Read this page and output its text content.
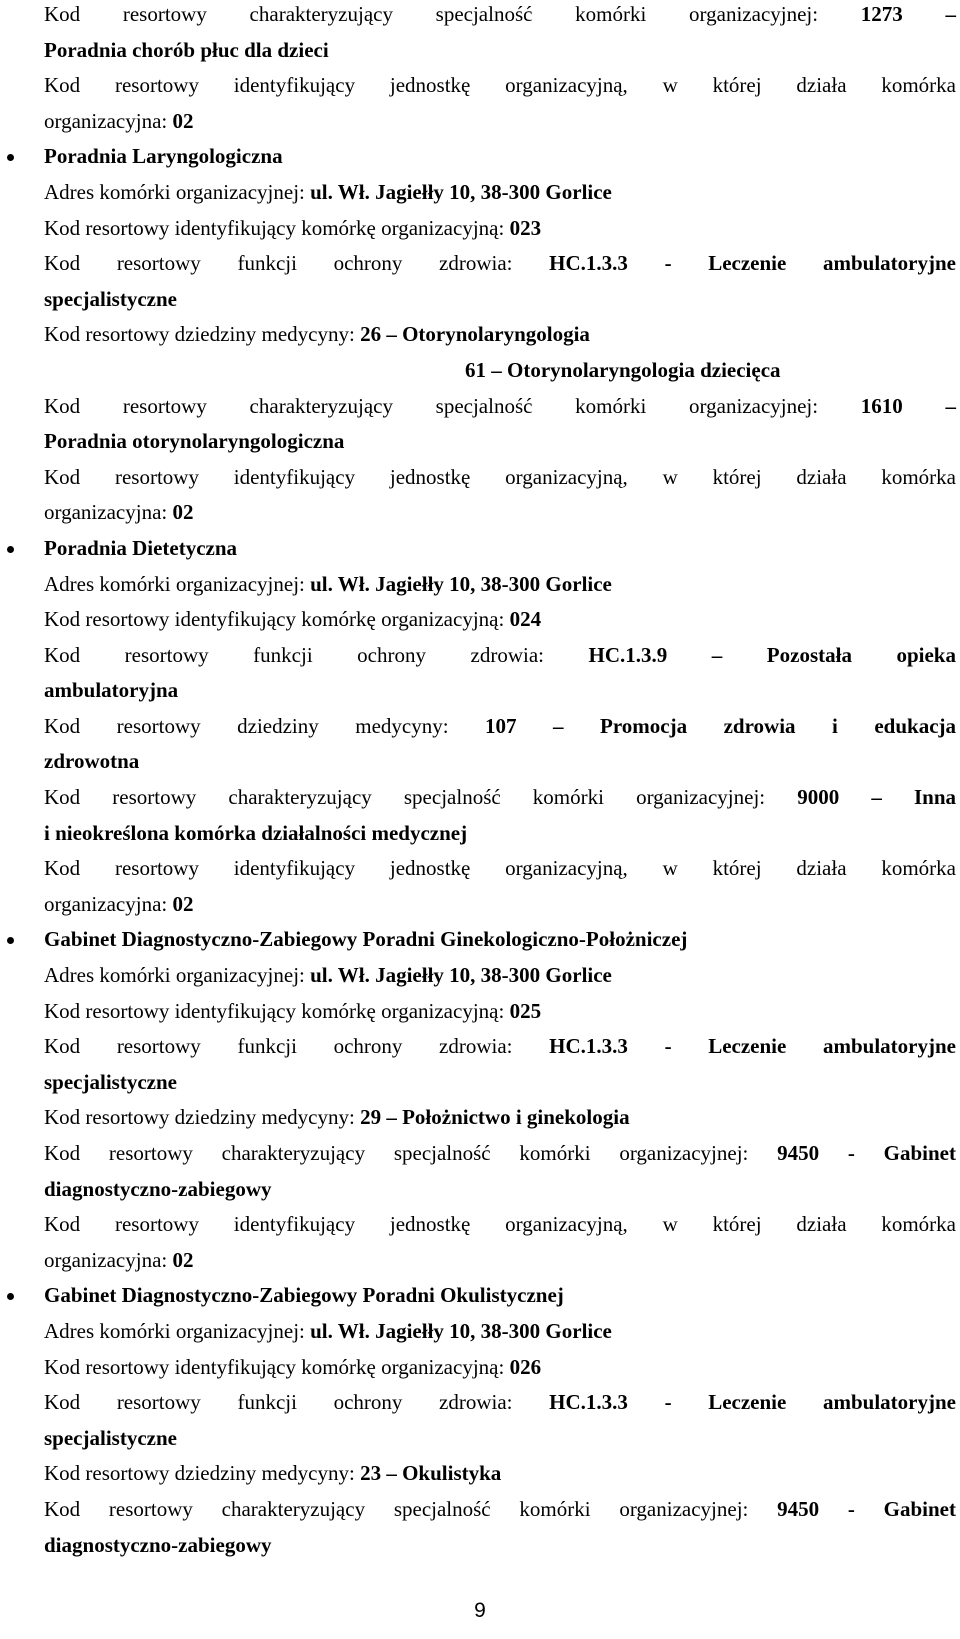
Kod resortowy charakteryzujący specjalność komórki organizacyjnej: 1273 –
Poradnia chorób płuc dla dzieci
Kod resortowy identyfikujący jednostkę organizacyjną, w której działa komórka
organizacyjna: 02
Poradnia Laryngologiczna
Adres komórki organizacyjnej: ul. Wł. Jagiełły 10, 38-300 Gorlice
Kod resortowy identyfikujący komórkę organizacyjną: 023
Kod resortowy funkcji ochrony zdrowia: HC.1.3.3 - Leczenie ambulatoryjne
specjalistyczne
Kod resortowy dziedziny medycyny: 26 – Otorynolaryngologia
61 – Otorynolaryngologia dziecięca
Kod resortowy charakteryzujący specjalność komórki organizacyjnej: 1610 –
Poradnia otorynolaryngologiczna
Kod resortowy identyfikujący jednostkę organizacyjną, w której działa komórka
organizacyjna: 02
Poradnia Dietetyczna
Adres komórki organizacyjnej: ul. Wł. Jagiełły 10, 38-300 Gorlice
Kod resortowy identyfikujący komórkę organizacyjną: 024
Kod resortowy funkcji ochrony zdrowia: HC.1.3.9 – Pozostała opieka
ambulatoryjna
Kod resortowy dziedziny medycyny: 107 – Promocja zdrowia i edukacja
zdrowotna
Kod resortowy charakteryzujący specjalność komórki organizacyjnej: 9000 – Inna
i nieokreślona komórka działalności medycznej
Kod resortowy identyfikujący jednostkę organizacyjną, w której działa komórka
organizacyjna: 02
Gabinet Diagnostyczno-Zabiegowy Poradni Ginekologiczno-Położniczej
Adres komórki organizacyjnej: ul. Wł. Jagiełły 10, 38-300 Gorlice
Kod resortowy identyfikujący komórkę organizacyjną: 025
Kod resortowy funkcji ochrony zdrowia: HC.1.3.3 - Leczenie ambulatoryjne
specjalistyczne
Kod resortowy dziedziny medycyny: 29 – Położnictwo i ginekologia
Kod resortowy charakteryzujący specjalność komórki organizacyjnej: 9450 - Gabinet
diagnostyczno-zabiegowy
Kod resortowy identyfikujący jednostkę organizacyjną, w której działa komórka
organizacyjna: 02
Gabinet Diagnostyczno-Zabiegowy Poradni Okulistycznej
Adres komórki organizacyjnej: ul. Wł. Jagiełły 10, 38-300 Gorlice
Kod resortowy identyfikujący komórkę organizacyjną: 026
Kod resortowy funkcji ochrony zdrowia: HC.1.3.3 - Leczenie ambulatoryjne
specjalistyczne
Kod resortowy dziedziny medycyny: 23 – Okulistyka
Kod resortowy charakteryzujący specjalność komórki organizacyjnej: 9450 - Gabinet
diagnostyczno-zabiegowy
9
